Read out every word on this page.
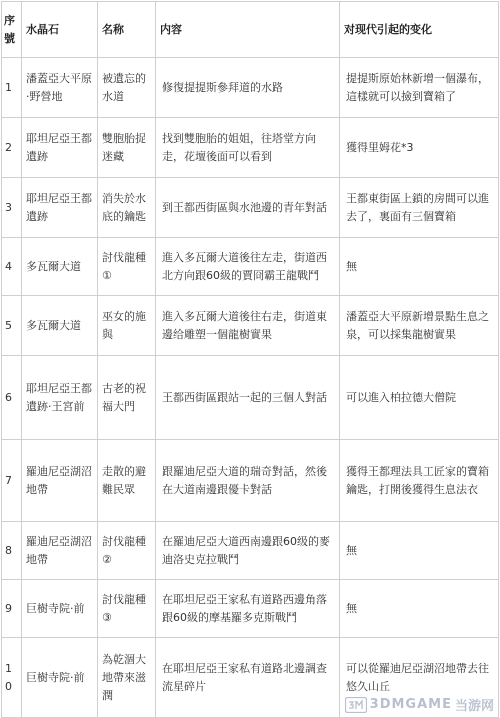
序號	水晶石	名称	内容	对现代引起的变化
1	潘蓋亞大平原·野營地	被遺忘的水道	修復提提斯參拜道的水路	提提斯原始林新增一個瀑布，這樣就可以撿到寶箱了
2	耶坦尼亞王都遺跡	雙胞胎捉迷藏	找到雙胞胎的姐姐，往塔堂方向走，花壇後面可以看到	獲得里姆花*3
3	耶坦尼亞王都遺跡	消失於水底的鑰匙	到王都西街區與水池邊的青年對話	王都東街區上鎖的房間可以進去了，裏面有三個寶箱
4	多瓦爾大道	討伐龍種①	進入多瓦爾大道後往左走，街道西北方向跟60級的賈冏霸王龍戰鬥	無
5	多瓦爾大道	巫女的施與	進入多瓦爾大道後往右走，街道東邊给雕塑一個龍樹實果	潘蓋亞大平原新增景點生息之泉，可以採集龍樹實果
6	耶坦尼亞王都遺跡·王宮前	古老的祝福大門	王都西街區跟站一起的三個人對話	可以進入柏拉德大僧院
7	羅迪尼亞湖沼地帶	走散的避難民眾	跟羅迪尼亞大道的瑞奇對話，然後在大道南邊跟優卡對話	獲得王都理法具工匠家的寶箱鑰匙，打開後獲得生息法衣
8	羅迪尼亞湖沼地帶	討伐龍種②	在羅迪尼亞大道西南邊跟60级的麥迪洛史克拉戰鬥	無
9	巨樹寺院·前	討伐龍種③	在耶坦尼亞王家私有道路西邊角落跟60級的摩基羅多克斯戰鬥	無
10	巨樹寺院·前	為乾涸大地帶來滋潤	在耶坦尼亞王家私有道路北邊調查流星碎片	可以從羅迪尼亞湖沼地帶去往悠久山丘
3DMGAME 当游网
